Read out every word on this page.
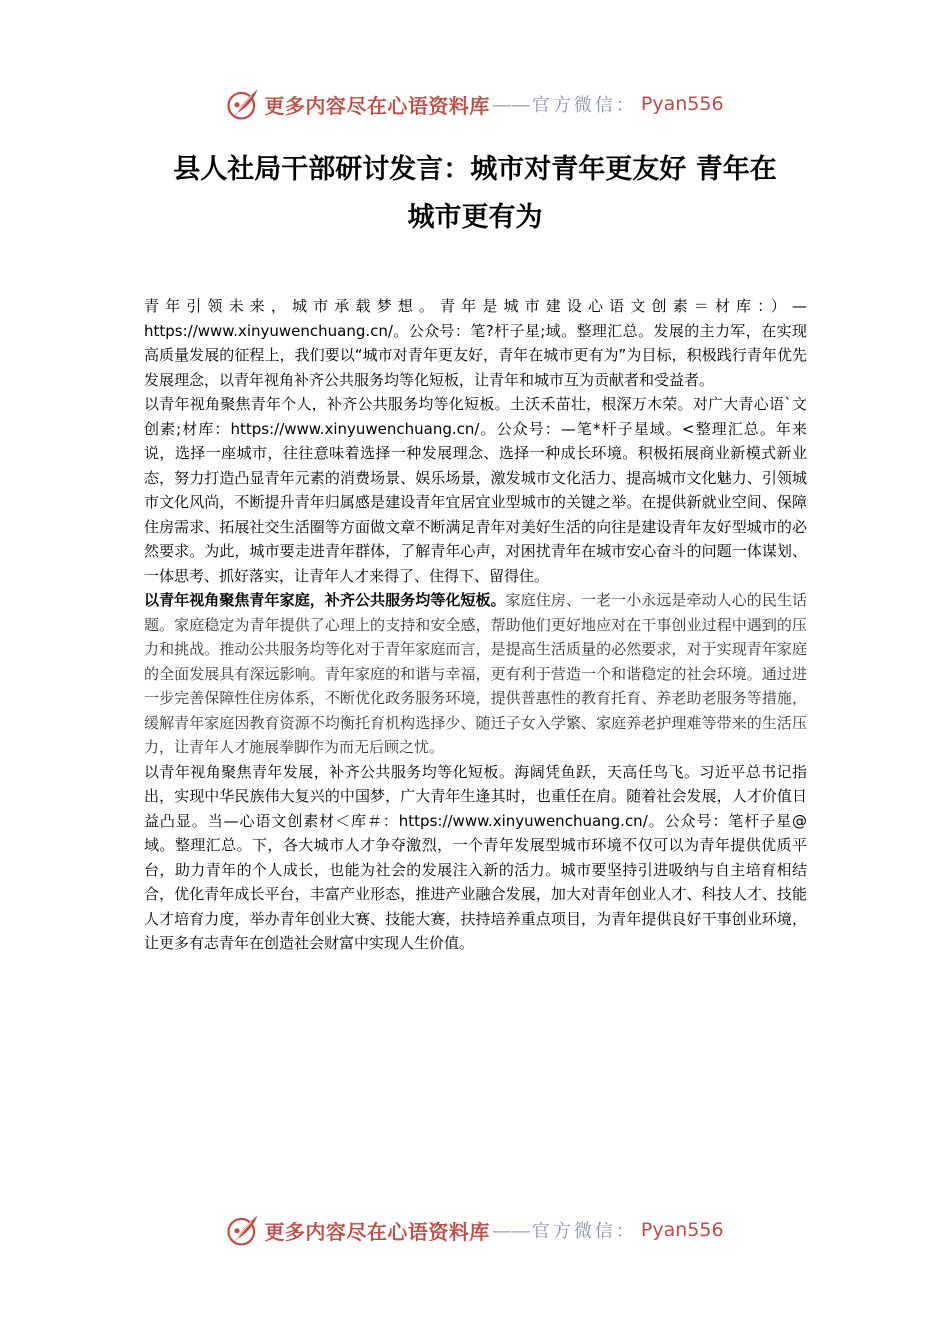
更多内容尽在心语资料库 —— 官方微信： Pyan556
县人社局干部研讨发言：城市对青年更友好 青年在
城市更有为

青年引领未来，城市承载梦想。青年是城市建设心语文创素＝材库：）—https://www.xinyuwenchuang.cn/。公众号：笔?杆子星;域。整理汇总。发展的主力军，在实现高质量发展的征程上，我们要以“城市对青年更友好，青年在城市更有为”为目标，积极践行青年优先发展理念，以青年视角补齐公共服务均等化短板，让青年和城市互为贡献者和受益者。

以青年视角聚焦青年个人，补齐公共服务均等化短板。土沃禾苗壮，根深万木荣。对广大青心语`文创素;材库：https://www.xinyuwenchuang.cn/。公众号：—笔*杆子星域。<整理汇总。年来说，选择一座城市，往往意味着选择一种发展理念、选择一种成长环境。积极拓展商业新模式新业态，努力打造凸显青年元素的消费场景、娱乐场景，激发城市文化活力、提高城市文化魅力、引领城市文化风尚，不断提升青年归属感是建设青年宜居宜业型城市的关键之举。在提供新就业空间、保障住房需求、拓展社交生活圈等方面做文章不断满足青年对美好生活的向往是建设青年友好型城市的必然要求。为此，城市要走进青年群体，了解青年心声，对困扰青年在城市安心奋斗的问题一体谋划、一体思考、抓好落实，让青年人才来得了、住得下、留得住。

以青年视角聚焦青年家庭，补齐公共服务均等化短板。家庭住房、一老一小永远是牵动人心的民生话题。家庭稳定为青年提供了心理上的支持和安全感，帮助他们更好地应对在干事创业过程中遇到的压力和挑战。推动公共服务均等化对于青年家庭而言，是提高生活质量的必然要求，对于实现青年家庭的全面发展具有深远影响。青年家庭的和谐与幸福，更有利于营造一个和谐稳定的社会环境。通过进一步完善保障性住房体系，不断优化政务服务环境，提供普惠性的教育托育、养老助老服务等措施，缓解青年家庭因教育资源不均衡托育机构选择少、随迁子女入学繁、家庭养老护理难等带来的生活压力，让青年人才施展拳脚作为而无后顾之忧。

以青年视角聚焦青年发展，补齐公共服务均等化短板。海阔凭鱼跃，天高任鸟飞。习近平总书记指出，实现中华民族伟大复兴的中国梦，广大青年生逢其时，也重任在肩。随着社会发展，人才价值日益凸显。当—心语文创素材＜库＃：https://www.xinyuwenchuang.cn/。公众号：笔杆子星@域。整理汇总。下，各大城市人才争夺激烈，一个青年发展型城市环境不仅可以为青年提供优质平台，助力青年的个人成长，也能为社会的发展注入新的活力。城市要坚持引进吸纳与自主培育相结合，优化青年成长平台，丰富产业形态，推进产业融合发展，加大对青年创业人才、科技人才、技能人才培育力度，举办青年创业大赛、技能大赛，扶持培养重点项目，为青年提供良好干事创业环境，让更多有志青年在创造社会财富中实现人生价值。

更多内容尽在心语资料库 —— 官方微信： Pyan556
